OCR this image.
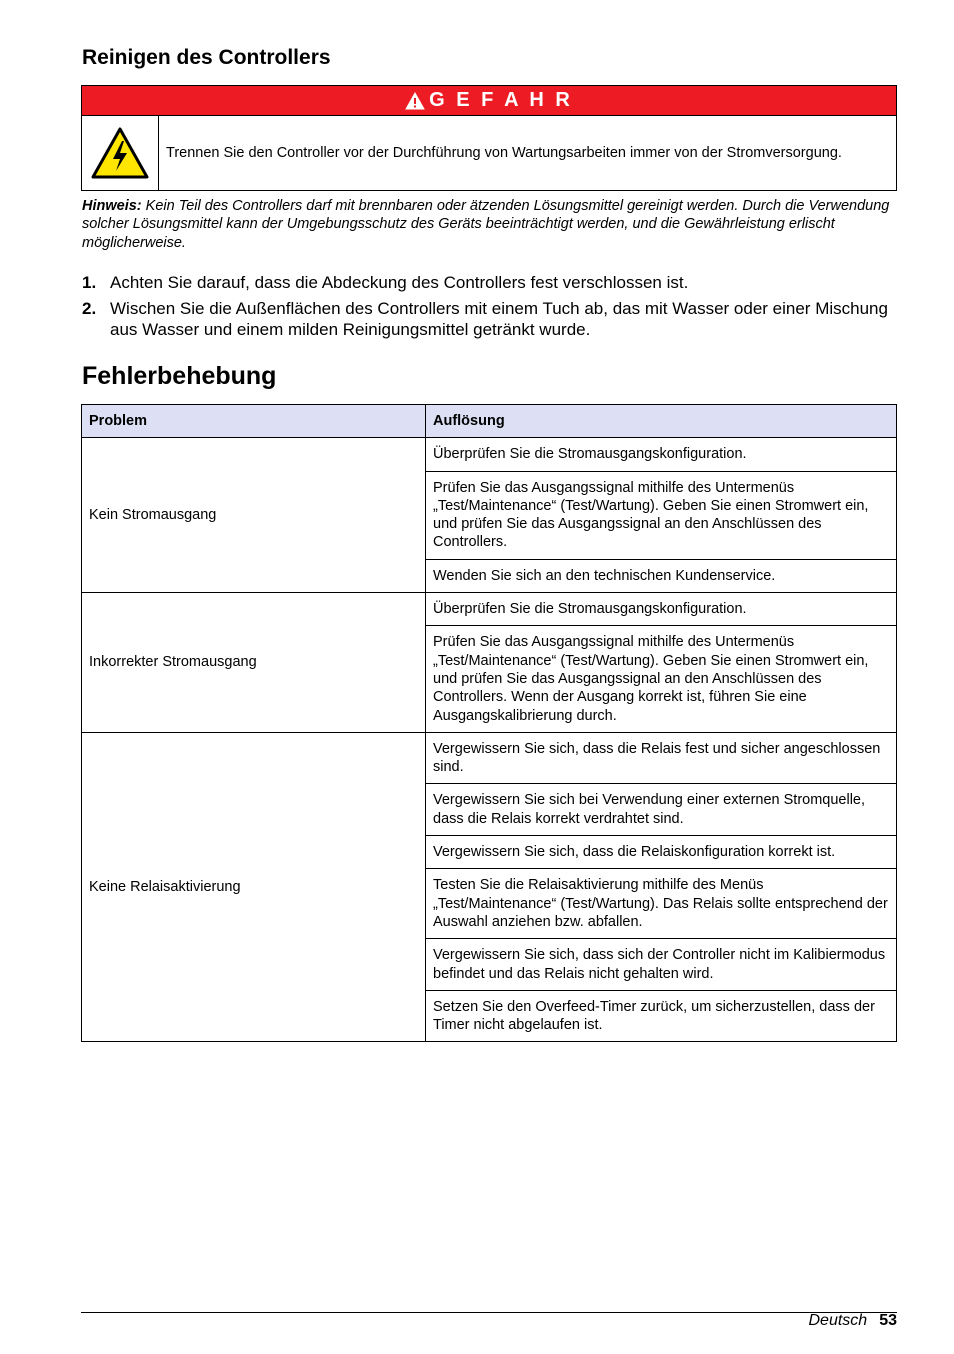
Reinigen des Controllers
G E F A H R
Trennen Sie den Controller vor der Durchführung von Wartungsarbeiten immer von der Stromversorgung.

Hinweis: Kein Teil des Controllers darf mit brennbaren oder ätzenden Lösungsmittel gereinigt werden. Durch die Verwendung solcher Lösungsmittel kann der Umgebungsschutz des Geräts beeinträchtigt werden, und die Gewährleistung erlischt möglicherweise.

1. Achten Sie darauf, dass die Abdeckung des Controllers fest verschlossen ist.
2. Wischen Sie die Außenflächen des Controllers mit einem Tuch ab, das mit Wasser oder einer Mischung aus Wasser und einem milden Reinigungsmittel getränkt wurde.
Fehlerbehebung
Problem	Auflösung
Kein Stromausgang	Überprüfen Sie die Stromausgangskonfiguration.
	Prüfen Sie das Ausgangssignal mithilfe des Untermenüs „Test/Maintenance“ (Test/Wartung). Geben Sie einen Stromwert ein, und prüfen Sie das Ausgangssignal an den Anschlüssen des Controllers.
	Wenden Sie sich an den technischen Kundenservice.
Inkorrekter Stromausgang	Überprüfen Sie die Stromausgangskonfiguration.
	Prüfen Sie das Ausgangssignal mithilfe des Untermenüs „Test/Maintenance“ (Test/Wartung). Geben Sie einen Stromwert ein, und prüfen Sie das Ausgangssignal an den Anschlüssen des Controllers. Wenn der Ausgang korrekt ist, führen Sie eine Ausgangskalibrierung durch.
Keine Relaisaktivierung	Vergewissern Sie sich, dass die Relais fest und sicher angeschlossen sind.
	Vergewissern Sie sich bei Verwendung einer externen Stromquelle, dass die Relais korrekt verdrahtet sind.
	Vergewissern Sie sich, dass die Relaiskonfiguration korrekt ist.
	Testen Sie die Relaisaktivierung mithilfe des Menüs „Test/Maintenance“ (Test/Wartung). Das Relais sollte entsprechend der Auswahl anziehen bzw. abfallen.
	Vergewissern Sie sich, dass sich der Controller nicht im Kalibiermodus befindet und das Relais nicht gehalten wird.
	Setzen Sie den Overfeed-Timer zurück, um sicherzustellen, dass der Timer nicht abgelaufen ist.
Deutsch 53
